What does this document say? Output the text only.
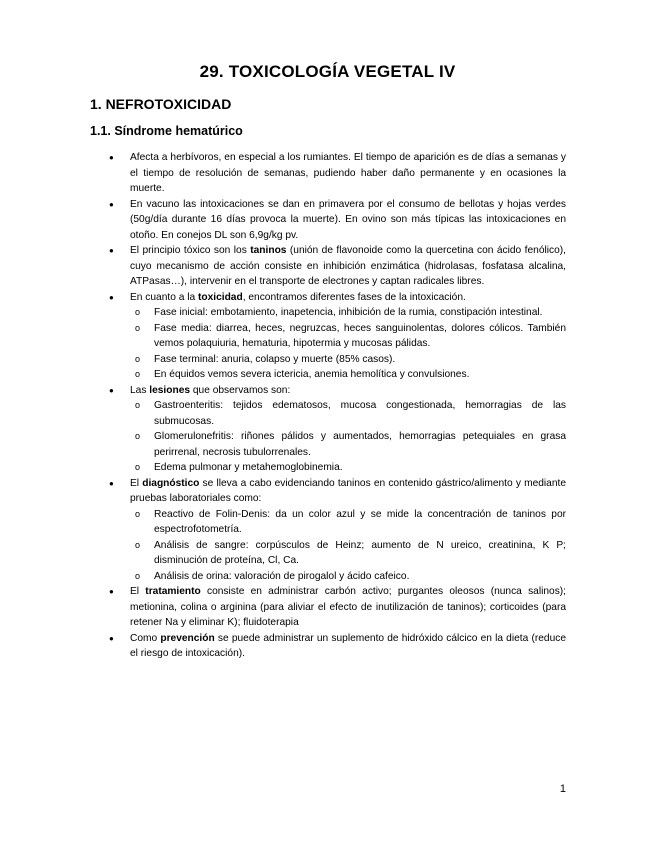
29. TOXICOLOGÍA VEGETAL IV
1. NEFROTOXICIDAD
1.1. Síndrome hematúrico
● Afecta a herbívoros, en especial a los rumiantes. El tiempo de aparición es de días a semanas y el tiempo de resolución de semanas, pudiendo haber daño permanente y en ocasiones la muerte.
● En vacuno las intoxicaciones se dan en primavera por el consumo de bellotas y hojas verdes (50g/día durante 16 días provoca la muerte). En ovino son más típicas las intoxicaciones en otoño. En conejos DL son 6,9g/kg pv.
● El principio tóxico son los taninos (unión de flavonoide como la quercetina con ácido fenólico), cuyo mecanismo de acción consiste en inhibición enzimática (hidrolasas, fosfatasa alcalina, ATPasas…), intervenir en el transporte de electrones y captan radicales libres.
● En cuanto a la toxicidad, encontramos diferentes fases de la intoxicación.
o Fase inicial: embotamiento, inapetencia, inhibición de la rumia, constipación intestinal.
o Fase media: diarrea, heces, negruzcas, heces sanguinolentas, dolores cólicos. También vemos polaquiuria, hematuria, hipotermia y mucosas pálidas.
o Fase terminal: anuria, colapso y muerte (85% casos).
o En équidos vemos severa ictericia, anemia hemolítica y convulsiones.
● Las lesiones que observamos son:
o Gastroenteritis: tejidos edematosos, mucosa congestionada, hemorragias de las submucosas.
o Glomerulonefritis: riñones pálidos y aumentados, hemorragias petequiales en grasa perirrenal, necrosis tubulorrenales.
o Edema pulmonar y metahemoglobinemia.
● El diagnóstico se lleva a cabo evidenciando taninos en contenido gástrico/alimento y mediante pruebas laboratoriales como:
o Reactivo de Folin-Denis: da un color azul y se mide la concentración de taninos por espectrofotometría.
o Análisis de sangre: corpúsculos de Heinz; aumento de N ureico, creatinina, K P; disminución de proteína, Cl, Ca.
o Análisis de orina: valoración de pirogalol y ácido cafeico.
● El tratamiento consiste en administrar carbón activo; purgantes oleosos (nunca salinos); metionina, colina o arginina (para aliviar el efecto de inutilización de taninos); corticoides (para retener Na y eliminar K); fluidoterapia
● Como prevención se puede administrar un suplemento de hidróxido cálcico en la dieta (reduce el riesgo de intoxicación).
1
